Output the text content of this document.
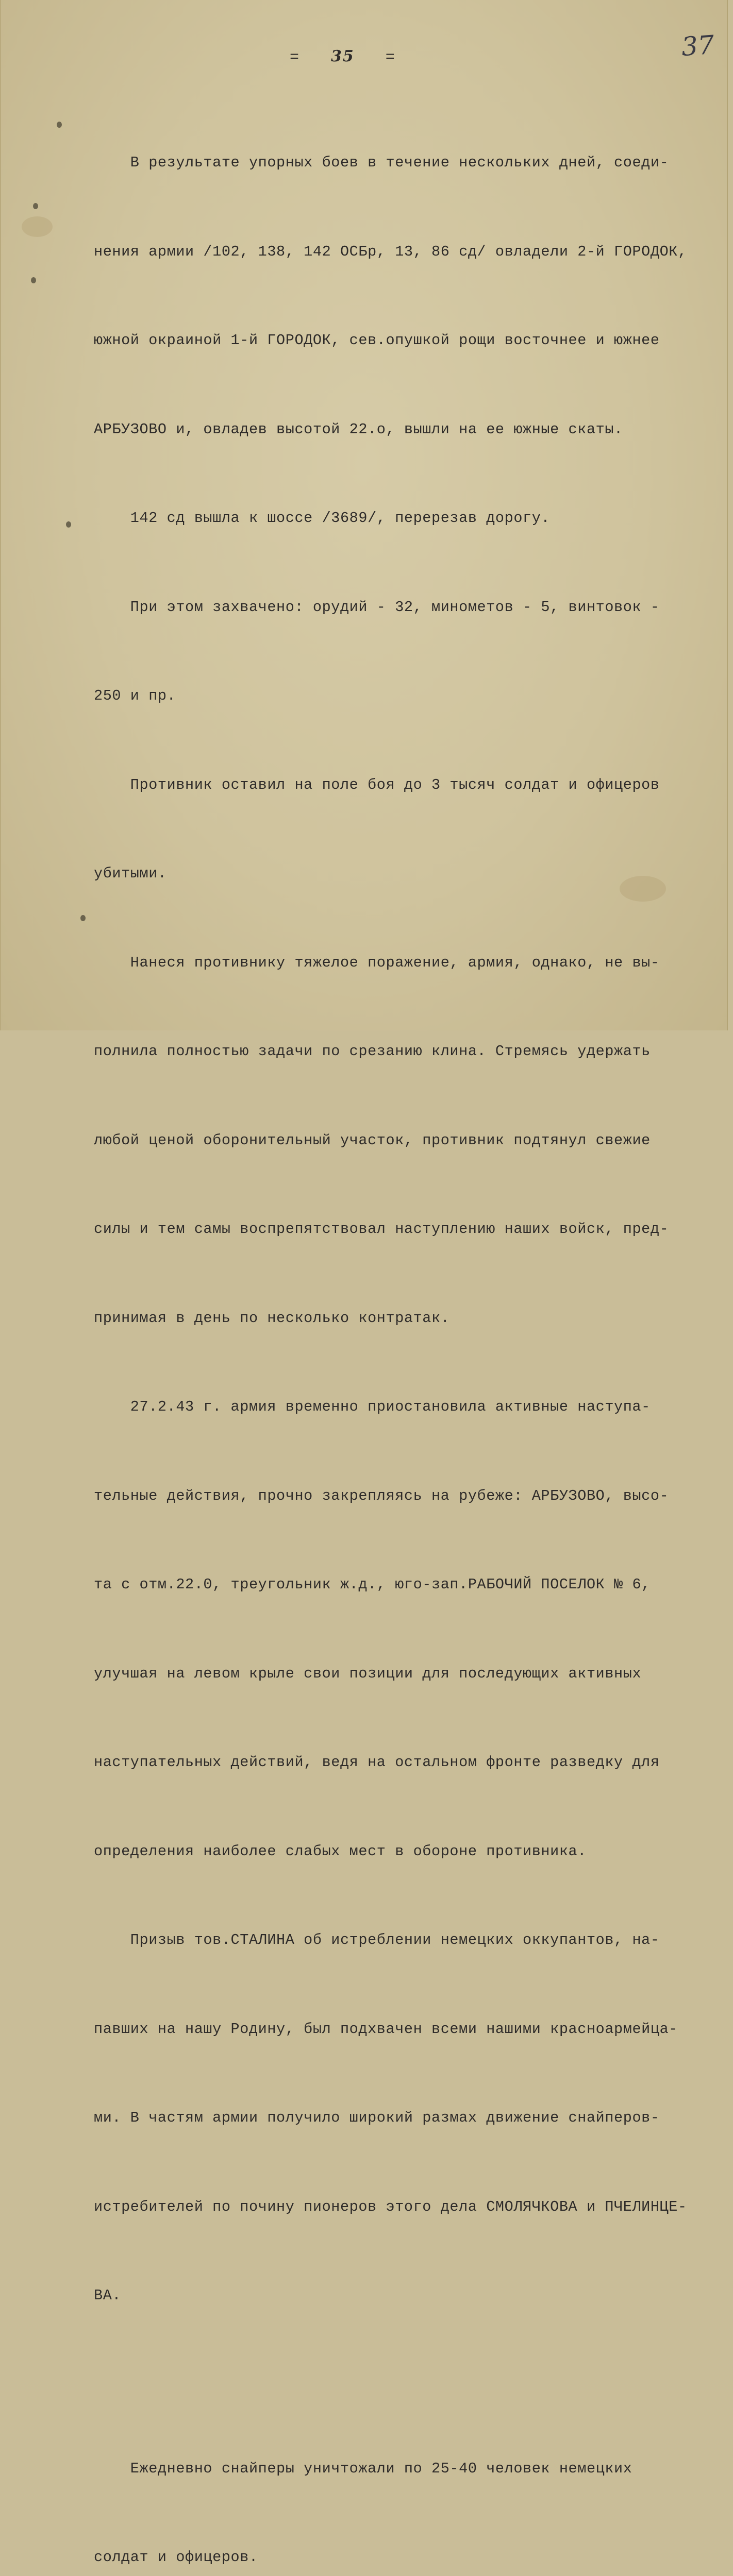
= 35 =	37

В результате упорных боев в течение нескольких дней, соеди-

нения армии /102, 138, 142 ОСБр, 13, 86 сд/ овладели 2-й ГОРОДОК,

южной окраиной 1-й ГОРОДОК, сев.опушкой рощи восточнее и южнее

АРБУЗОВО и, овладев высотой 22.о, вышли на ее южные скаты.

142 сд вышла к шоссе /3689/, перерезав дорогу.

При этом захвачено: орудий - 32, минометов - 5, винтовок -

250 и пр.

Противник оставил на поле боя до 3 тысяч солдат и офицеров

убитыми.

Нанеся противнику тяжелое поражение, армия, однако, не вы-

полнила полностью задачи по срезанию клина. Стремясь удержать

любой ценой оборонительный участок, противник подтянул свежие

силы и тем самы воспрепятствовал наступлению наших войск, пред-

принимая в день по несколько контратак.

27.2.43 г. армия временно приостановила активные наступа-

тельные действия, прочно закрепляясь на рубеже: АРБУЗОВО, высо-

та с отм.22.0, треугольник ж.д., юго-зап.РАБОЧИЙ ПОСЕЛОК № 6,

улучшая на левом крыле свои позиции для последующих активных

наступательных действий, ведя на остальном фронте разведку для

определения наиболее слабых мест в обороне противника.

Призыв тов.СТАЛИНА об истреблении немецких оккупантов, на-

павших на нашу Родину, был подхвачен всеми нашими красноармейца-

ми. В частям армии получило широкий размах движение снайперов-

истребителей по почину пионеров этого дела СМОЛЯЧКОВА и ПЧЕЛИНЦЕ-

ВА.

Ежедневно снайперы уничтожали по 25-40 человек немецких

солдат и офицеров.
